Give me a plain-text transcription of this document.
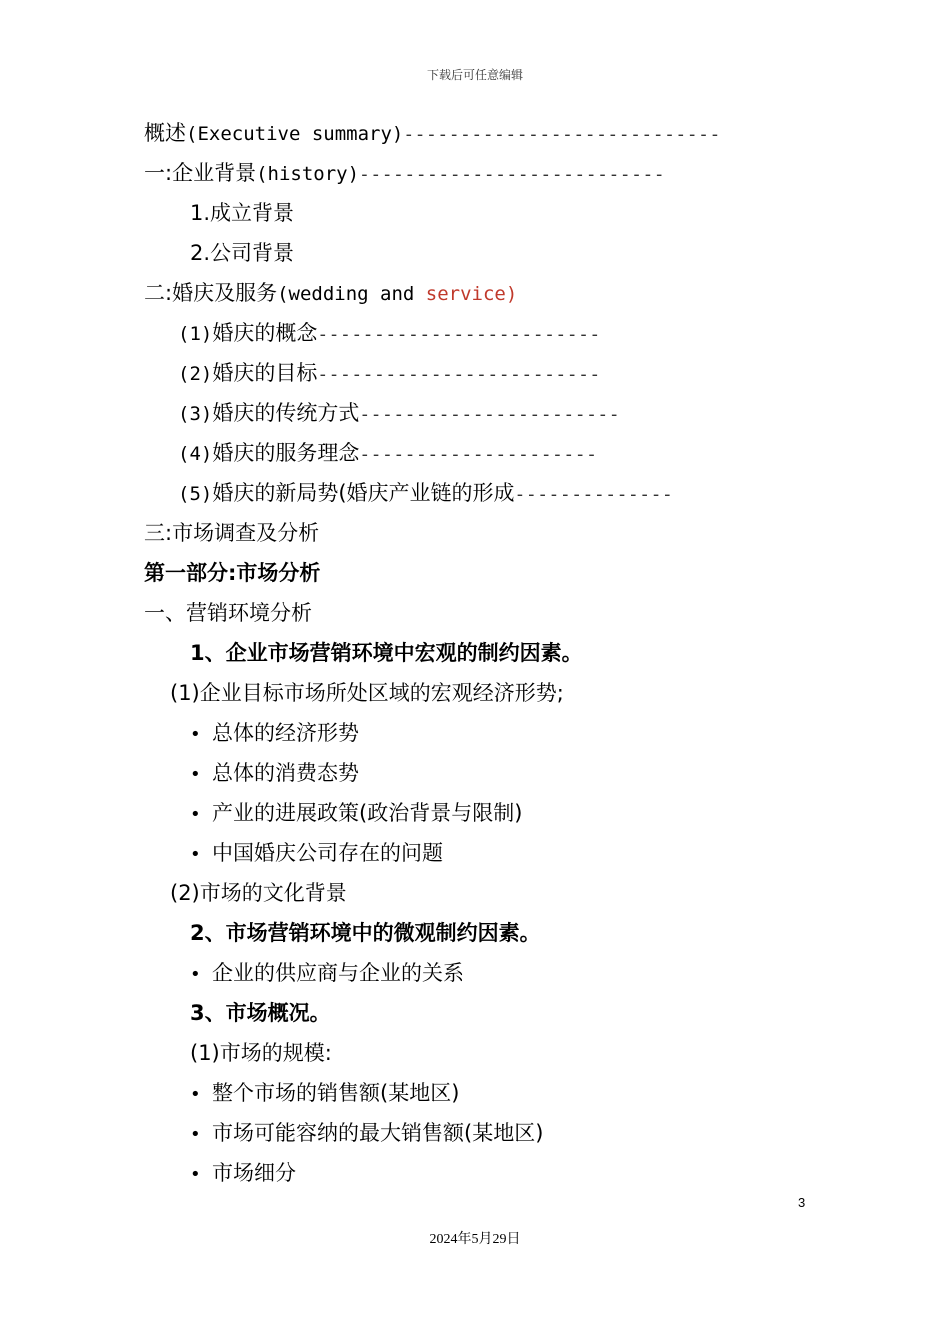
下载后可任意编辑
概述(Executive summary)----------------------------
一:企业背景(history)---------------------------
1.成立背景
2.公司背景
二:婚庆及服务(wedding and service)
(1)婚庆的概念-------------------------
(2)婚庆的目标-------------------------
(3)婚庆的传统方式-----------------------
(4)婚庆的服务理念---------------------
(5)婚庆的新局势(婚庆产业链的形成--------------
三:市场调查及分析
第一部分:市场分析
一、营销环境分析
1、企业市场营销环境中宏观的制约因素。
(1)企业目标市场所处区域的宏观经济形势;
• 总体的经济形势
• 总体的消费态势
• 产业的进展政策(政治背景与限制)
• 中国婚庆公司存在的问题
(2)市场的文化背景
2、市场营销环境中的微观制约因素。
• 企业的供应商与企业的关系
3、市场概况。
(1)市场的规模:
• 整个市场的销售额(某地区)
• 市场可能容纳的最大销售额(某地区)
• 市场细分
3
2024年5月29日
